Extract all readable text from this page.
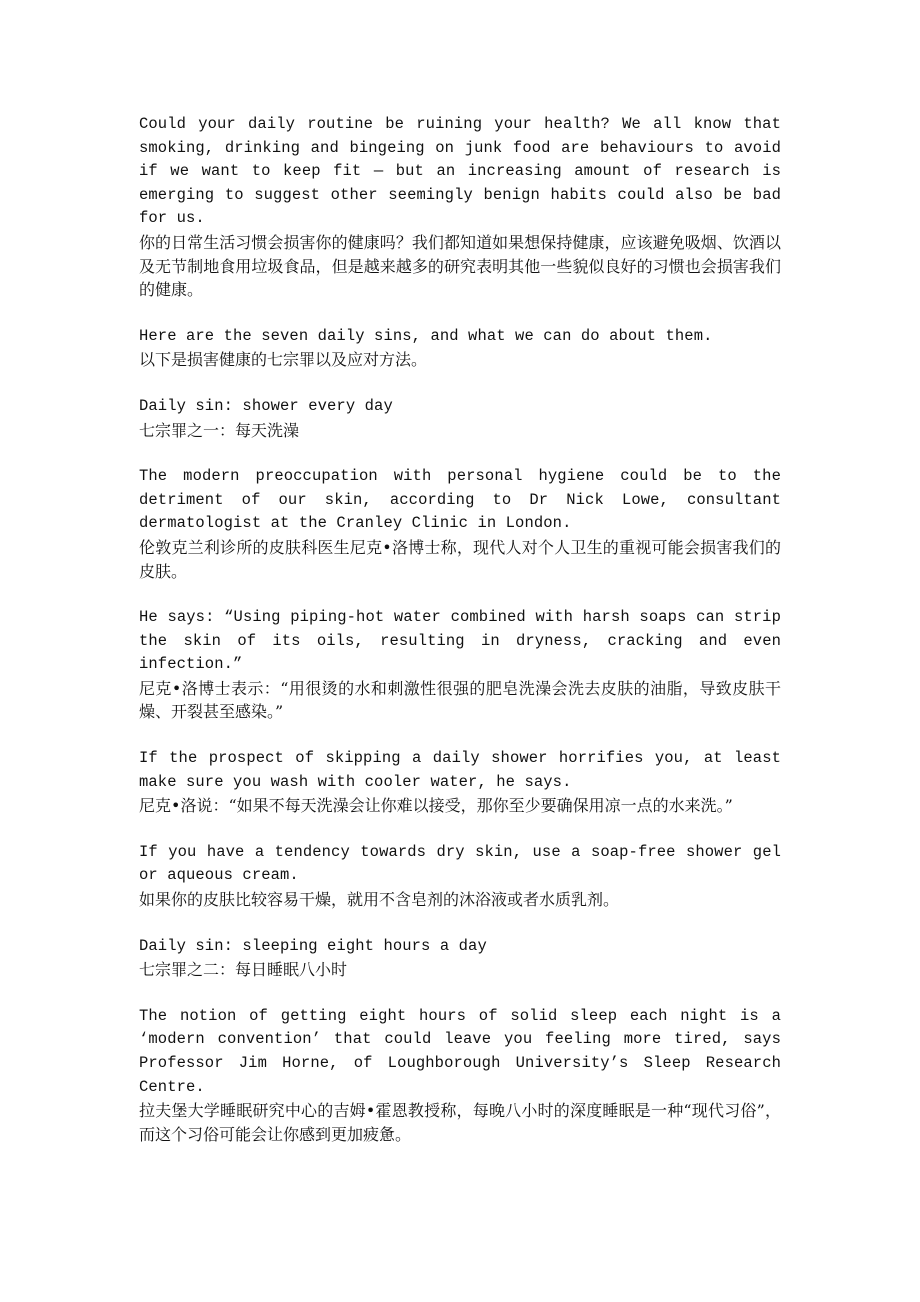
Could your daily routine be ruining your health? We all know that smoking, drinking and bingeing on junk food are behaviours to avoid if we want to keep fit — but an increasing amount of research is emerging to suggest other seemingly benign habits could also be bad for us.

你的日常生活习惯会损害你的健康吗？我们都知道如果想保持健康，应该避免吸烟、饮酒以及无节制地食用垃圾食品，但是越来越多的研究表明其他一些貌似良好的习惯也会损害我们的健康。

Here are the seven daily sins, and what we can do about them.

以下是损害健康的七宗罪以及应对方法。

Daily sin: shower every day

七宗罪之一：每天洗澡

The modern preoccupation with personal hygiene could be to the detriment of our skin, according to Dr Nick Lowe, consultant dermatologist at the Cranley Clinic in London.

伦敦克兰利诊所的皮肤科医生尼克•洛博士称，现代人对个人卫生的重视可能会损害我们的皮肤。

He says: “Using piping-hot water combined with harsh soaps can strip the skin of its oils, resulting in dryness, cracking and even infection.”

尼克•洛博士表示：“用很烫的水和刺激性很强的肥皂洗澡会洗去皮肤的油脂，导致皮肤干燥、开裂甚至感染。”

If the prospect of skipping a daily shower horrifies you, at least make sure you wash with cooler water, he says.

尼克•洛说：“如果不每天洗澡会让你难以接受，那你至少要确保用凉一点的水来洗。”

If you have a tendency towards dry skin, use a soap-free shower gel or aqueous cream.

如果你的皮肤比较容易干燥，就用不含皂剂的沐浴液或者水质乳剂。

Daily sin: sleeping eight hours a day

七宗罪之二：每日睡眠八小时

The notion of getting eight hours of solid sleep each night is a ‘modern convention’ that could leave you feeling more tired, says Professor Jim Horne, of Loughborough University’s Sleep Research Centre.

拉夫堡大学睡眠研究中心的吉姆•霍恩教授称，每晚八小时的深度睡眠是一种“现代习俗”，而这个习俗可能会让你感到更加疲惫。
